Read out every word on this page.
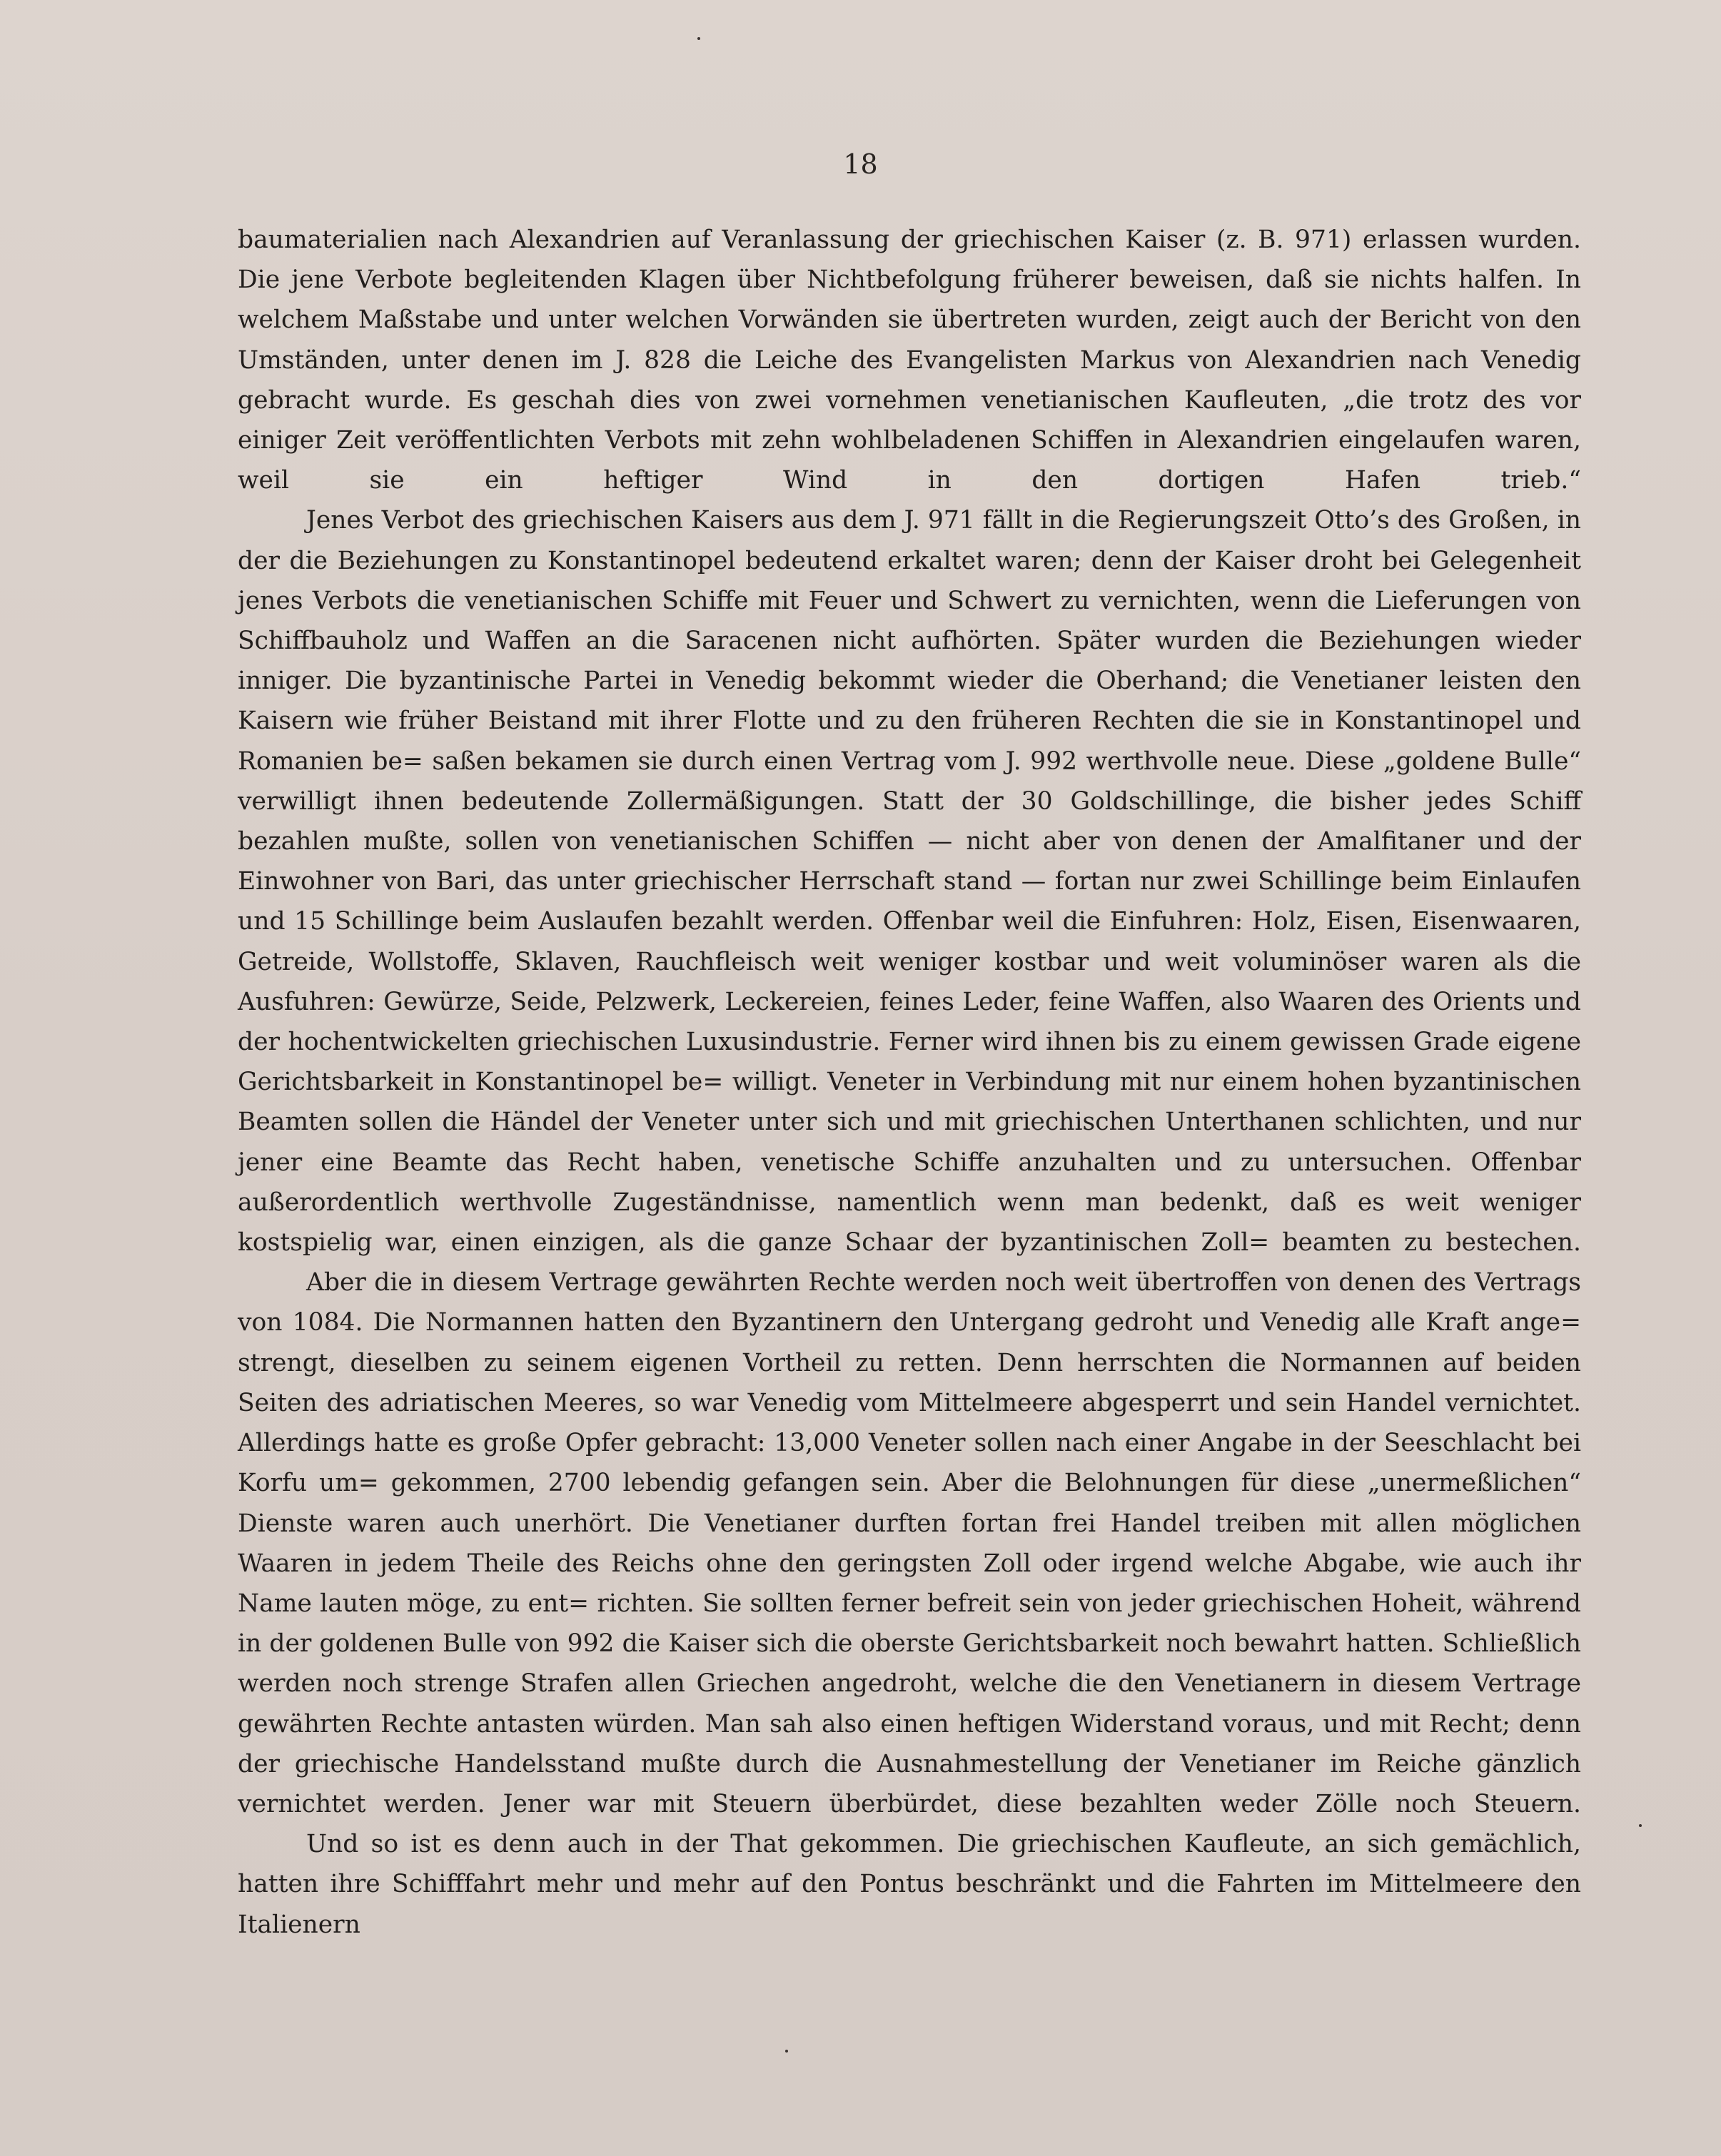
18

baumaterialien nach Alexandrien auf Veranlassung der griechischen Kaiser (z. B. 971) erlassen wurden. Die jene Verbote begleitenden Klagen über Nichtbefolgung früherer beweisen, daß sie nichts halfen. In welchem Maßstabe und unter welchen Vorwänden sie übertreten wurden, zeigt auch der Bericht von den Umständen, unter denen im J. 828 die Leiche des Evangelisten Markus von Alexandrien nach Venedig gebracht wurde. Es geschah dies von zwei vornehmen venetianischen Kaufleuten, „die trotz des vor einiger Zeit veröffentlichten Verbots mit zehn wohlbeladenen Schiffen in Alexandrien eingelaufen waren, weil sie ein heftiger Wind in den	dortigen Hafen trieb.“

Jenes Verbot des griechischen Kaisers aus dem J. 971 fällt in die Regierungszeit Otto’s des Großen, in der die Beziehungen zu Konstantinopel bedeutend erkaltet waren; denn der Kaiser droht bei Gelegenheit jenes Verbots die venetianischen Schiffe mit Feuer und Schwert zu vernichten, wenn die Lieferungen von Schiffbauholz und Waffen an die Saracenen nicht aufhörten. Später wurden die Beziehungen wieder inniger. Die byzantinische Partei in Venedig bekommt wieder die Oberhand; die Venetianer leisten den Kaisern wie früher Beistand mit ihrer Flotte und zu den früheren Rechten die sie in Konstantinopel und Romanien be= saßen bekamen sie durch einen Vertrag vom J. 992 werthvolle neue. Diese „goldene Bulle“ verwilligt ihnen bedeutende Zollermäßigungen. Statt der 30 Goldschillinge, die bisher jedes Schiff bezahlen mußte, sollen von venetianischen Schiffen — nicht aber von denen der Amalfitaner und der Einwohner von Bari, das unter griechischer Herrschaft stand — fortan nur zwei Schillinge beim Einlaufen und 15 Schillinge beim Auslaufen bezahlt werden. Offenbar weil die Einfuhren: Holz, Eisen, Eisenwaaren, Getreide, Wollstoffe, Sklaven, Rauchfleisch weit weniger kostbar und weit voluminöser waren als die Ausfuhren: Gewürze, Seide, Pelzwerk, Leckereien, feines Leder, feine Waffen, also Waaren des Orients und der hochentwickelten griechischen Luxusindustrie. Ferner wird ihnen bis zu einem gewissen Grade eigene Gerichtsbarkeit in Konstantinopel be= willigt. Veneter in Verbindung mit nur einem hohen byzantinischen Beamten sollen die Händel der Veneter unter sich und mit griechischen Unterthanen schlichten, und nur jener eine Beamte das Recht haben, venetische Schiffe anzuhalten und zu untersuchen. Offenbar außerordentlich werthvolle Zugeständnisse, namentlich wenn man bedenkt, daß es weit weniger kostspielig war, einen einzigen, als die ganze Schaar der byzantinischen Zoll= beamten zu bestechen.

Aber die in diesem Vertrage gewährten Rechte werden noch weit übertroffen von denen des Vertrags von 1084. Die Normannen hatten den Byzantinern den Untergang gedroht und Venedig alle Kraft ange= strengt, dieselben zu seinem eigenen Vortheil zu retten. Denn herrschten die Normannen auf beiden Seiten des adriatischen Meeres, so war Venedig vom Mittelmeere abgesperrt und sein Handel vernichtet. Allerdings hatte es große Opfer gebracht: 13,000 Veneter sollen nach einer Angabe in der Seeschlacht bei Korfu um= gekommen, 2700 lebendig gefangen sein. Aber die Belohnungen für diese „unermeßlichen“ Dienste waren auch unerhört. Die Venetianer durften fortan frei Handel treiben mit allen möglichen Waaren in jedem Theile des Reichs ohne den geringsten Zoll oder irgend welche Abgabe, wie auch ihr Name lauten möge, zu ent= richten. Sie sollten ferner befreit sein von jeder griechischen Hoheit, während in der goldenen Bulle von 992 die Kaiser sich die oberste Gerichtsbarkeit noch bewahrt hatten. Schließlich werden noch strenge Strafen allen Griechen angedroht, welche die den Venetianern in diesem Vertrage gewährten Rechte antasten würden. Man sah also einen heftigen Widerstand voraus, und mit Recht; denn der griechische Handelsstand mußte durch die Ausnahmestellung der Venetianer im Reiche gänzlich vernichtet werden. Jener war mit Steuern überbürdet, diese bezahlten weder Zölle noch Steuern.

Und so ist es denn auch in der That gekommen. Die griechischen Kaufleute, an sich gemächlich, hatten ihre Schifffahrt mehr und mehr auf den Pontus beschränkt und die Fahrten im Mittelmeere den Italienern
